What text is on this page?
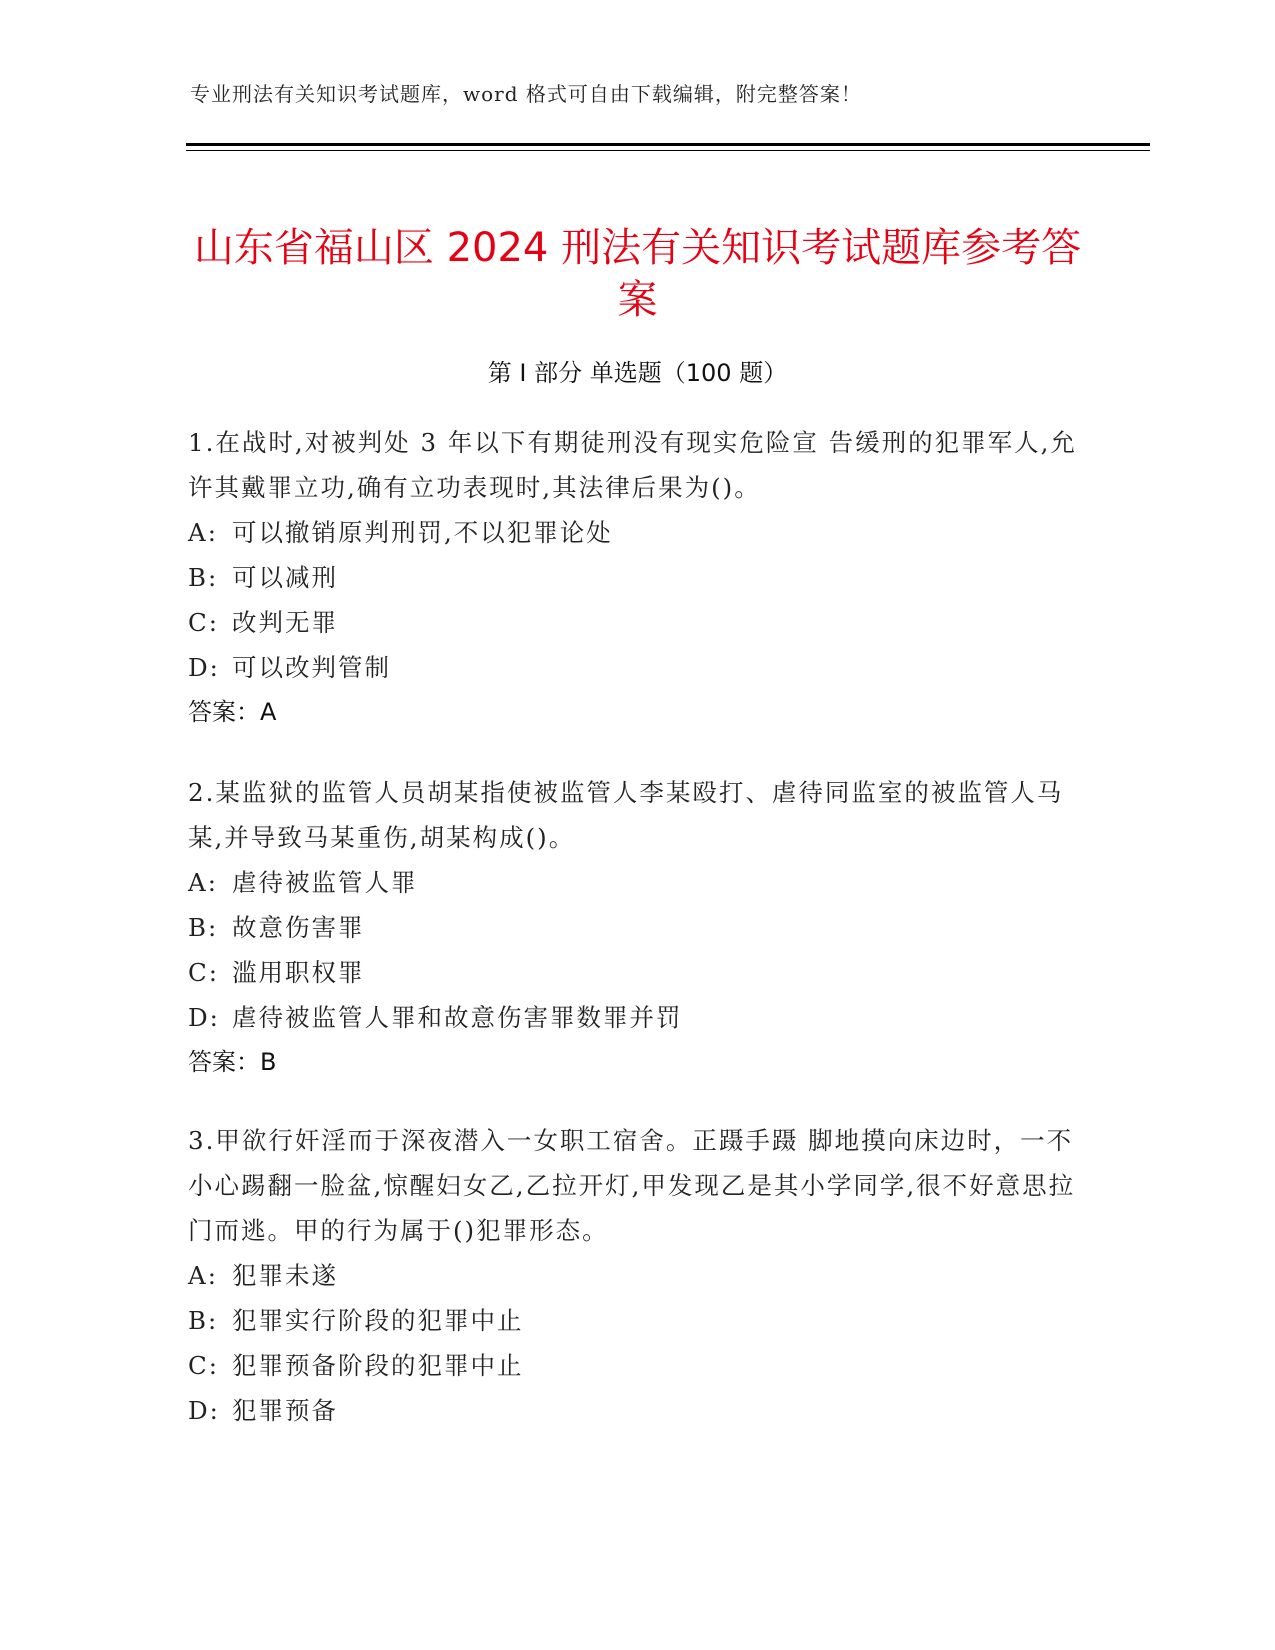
专业刑法有关知识考试题库，word 格式可自由下载编辑，附完整答案！
山东省福山区 2024 刑法有关知识考试题库参考答案
第 I 部分 单选题（100 题）
1.在战时,对被判处 3 年以下有期徒刑没有现实危险宣 告缓刑的犯罪军人,允许其戴罪立功,确有立功表现时,其法律后果为()。
A: 可以撤销原判刑罚,不以犯罪论处
B: 可以减刑
C: 改判无罪
D: 可以改判管制
答案：A
2.某监狱的监管人员胡某指使被监管人李某殴打、虐待同监室的被监管人马某,并导致马某重伤,胡某构成()。
A: 虐待被监管人罪
B: 故意伤害罪
C: 滥用职权罪
D: 虐待被监管人罪和故意伤害罪数罪并罚
答案：B
3.甲欲行奸淫而于深夜潜入一女职工宿舍。正蹑手蹑 脚地摸向床边时，一不小心踢翻一脸盆,惊醒妇女乙,乙拉开灯,甲发现乙是其小学同学,很不好意思拉门而逃。甲的行为属于()犯罪形态。
A: 犯罪未遂
B: 犯罪实行阶段的犯罪中止
C: 犯罪预备阶段的犯罪中止
D: 犯罪预备
